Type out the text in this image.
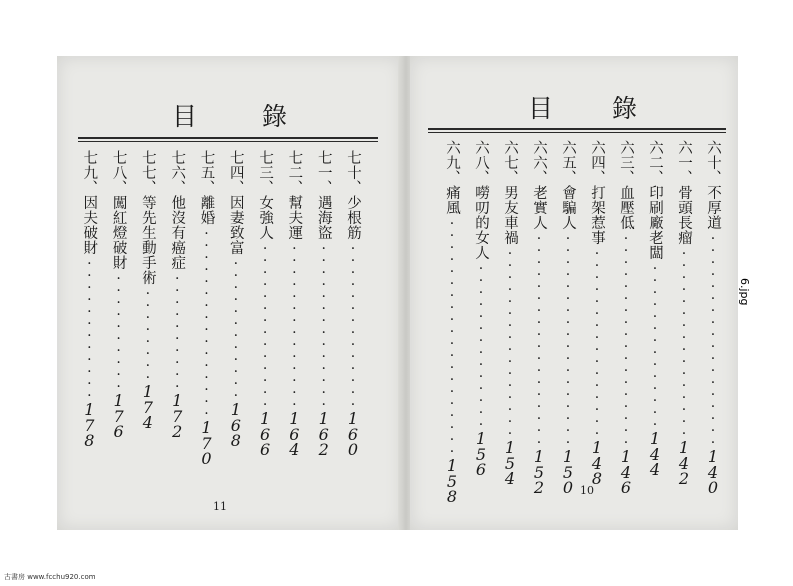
目	錄	目 錄
七十、少根筋
··············
1
6
0
七一、遇海盜
··············
1
6
2
七二、幫夫運
··············
1
6
4
七三、女強人
··············
1
6
6
七四、因妻致富
············
1
6
8
七五、離婚
················
1
7
0
七六、他沒有癌症
··········
1
7
2
七七、等先生動手術
········
1
7
4
七八、闖紅燈破財
··········
1
7
6
七九、因夫破財
············
1
7
8
六十、不厚道
··················
1
4
0
六一、骨頭長瘤
················
1
4
2
六二、印刷廠老闆
··············
1
4
4
六三、血壓低
··················
1
4
6
六四、打架惹事
················
1
4
8
六五、會騙人
··················
1
5
0
六六、老實人
··················
1
5
2
六七、男友車禍
················
1
5
4
六八、嘮叨的女人
··············
1
5
6
六九、痛風
····················
1
5
8
11
10
6.jpg
古書房 www.fcchu920.com
